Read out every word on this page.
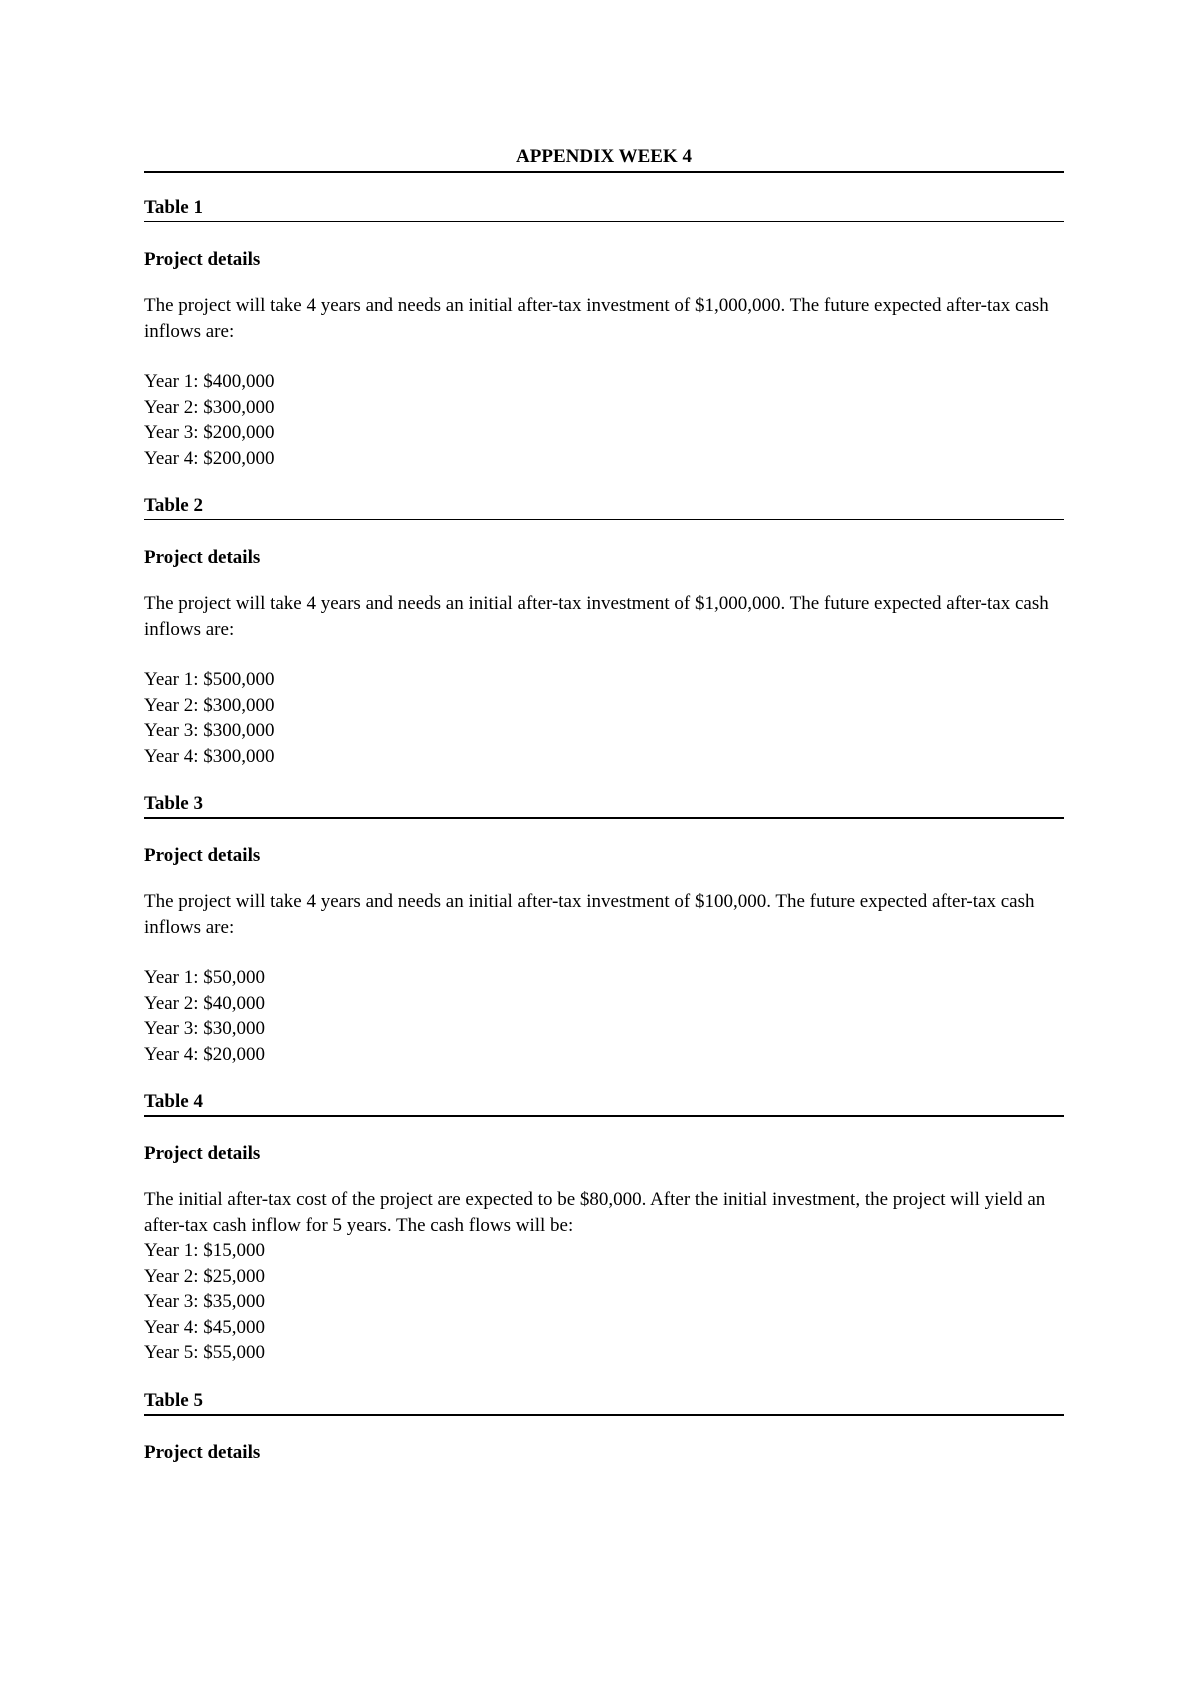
APPENDIX WEEK 4
Table 1
Project details

The project will take 4 years and needs an initial after-tax investment of $1,000,000. The future expected after-tax cash inflows are:

Year 1: $400,000
Year 2: $300,000
Year 3: $200,000
Year 4: $200,000
Table 2
Project details

The project will take 4 years and needs an initial after-tax investment of $1,000,000. The future expected after-tax cash inflows are:

Year 1: $500,000
Year 2: $300,000
Year 3: $300,000
Year 4: $300,000
Table 3
Project details

The project will take 4 years and needs an initial after-tax investment of $100,000. The future expected after-tax cash inflows are:

Year 1: $50,000
Year 2: $40,000
Year 3: $30,000
Year 4: $20,000
Table 4
Project details

The initial after-tax cost of the project are expected to be $80,000. After the initial investment, the project will yield an after-tax cash inflow for 5 years. The cash flows will be:

Year 1: $15,000
Year 2: $25,000
Year 3: $35,000
Year 4: $45,000
Year 5: $55,000
Table 5
Project details
